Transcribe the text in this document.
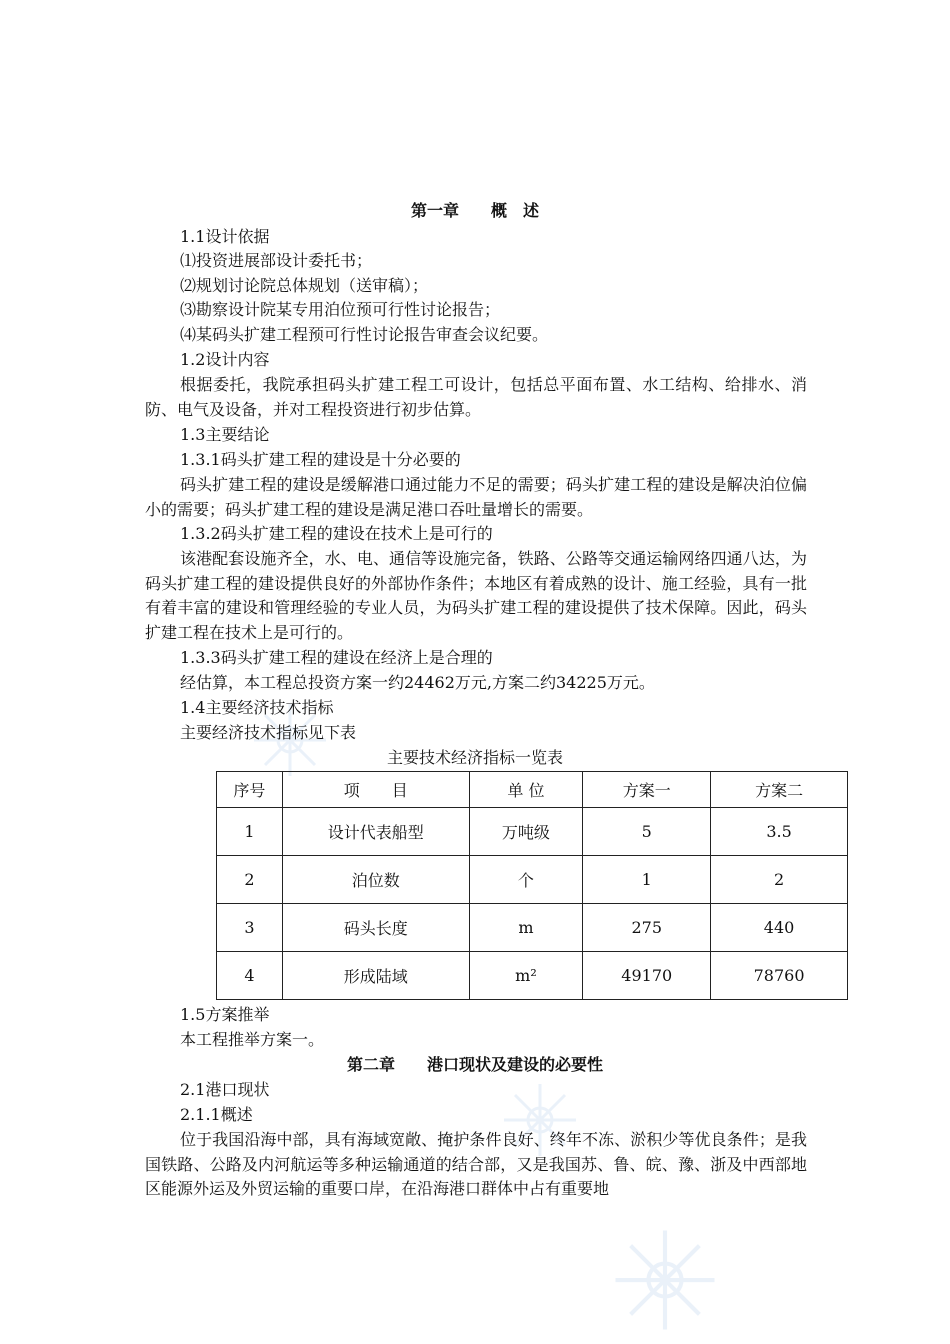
第一章　　概　述
1.1设计依据
⑴投资进展部设计委托书；
⑵规划讨论院总体规划（送审稿）；
⑶勘察设计院某专用泊位预可行性讨论报告；
⑷某码头扩建工程预可行性讨论报告审查会议纪要。
1.2设计内容

根据委托，我院承担码头扩建工程工可设计，包括总平面布置、水工结构、给排水、消防、电气及设备，并对工程投资进行初步估算。

1.3主要结论
1.3.1码头扩建工程的建设是十分必要的

码头扩建工程的建设是缓解港口通过能力不足的需要；码头扩建工程的建设是解决泊位偏小的需要；码头扩建工程的建设是满足港口吞吐量增长的需要。

1.3.2码头扩建工程的建设在技术上是可行的

该港配套设施齐全，水、电、通信等设施完备，铁路、公路等交通运输网络四通八达，为码头扩建工程的建设提供良好的外部协作条件；本地区有着成熟的设计、施工经验，具有一批有着丰富的建设和管理经验的专业人员，为码头扩建工程的建设提供了技术保障。因此，码头扩建工程在技术上是可行的。

1.3.3码头扩建工程的建设在经济上是合理的
经估算，本工程总投资方案一约24462万元,方案二约34225万元。
1.4主要经济技术指标
主要经济技术指标见下表
主要技术经济指标一览表
序号	项　　目	单 位	方案一	方案二
1	设计代表船型	万吨级	5	3.5
2	泊位数	个	1	2
3	码头长度	m	275	440
4	形成陆域	m²	49170	78760
1.5方案推举
本工程推举方案一。
第二章　　港口现状及建设的必要性
2.1港口现状
2.1.1概述

位于我国沿海中部，具有海域宽敞、掩护条件良好、终年不冻、淤积少等优良条件；是我国铁路、公路及内河航运等多种运输通道的结合部，又是我国苏、鲁、皖、豫、浙及中西部地区能源外运及外贸运输的重要口岸，在沿海港口群体中占有重要地
